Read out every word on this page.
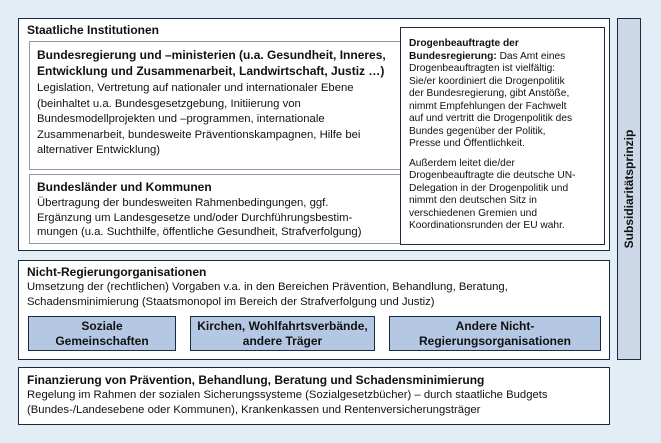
Staatliche Institutionen
Bundesregierung und –ministerien (u.a. Gesundheit, Inneres,
Entwicklung und Zusammenarbeit, Landwirtschaft, Justiz …)
Legislation, Vertretung auf nationaler und internationaler Ebene
(beinhaltet u.a. Bundesgesetzgebung, Initiierung von
Bundesmodellprojekten und –programmen, internationale
Zusammenarbeit, bundesweite Präventionskampagnen, Hilfe bei
alternativer Entwicklung)
Bundesländer und Kommunen
Übertragung der bundesweiten Rahmenbedingungen, ggf.
Ergänzung um Landesgesetze und/oder Durchführungsbestim-
mungen (u.a. Suchthilfe, öffentliche Gesundheit, Strafverfolgung)
Drogenbeauftragte der
Bundesregierung: Das Amt eines
Drogenbeauftragten ist vielfältig:
Sie/er koordiniert die Drogenpolitik
der Bundesregierung, gibt Anstöße,
nimmt Empfehlungen der Fachwelt
auf und vertritt die Drogenpolitik des
Bundes gegenüber der Politik,
Presse und Öffentlichkeit.
Außerdem leitet die/der
Drogenbeauftragte die deutsche UN-
Delegation in der Drogenpolitik und
nimmt den deutschen Sitz in
verschiedenen Gremien und
Koordinationsrunden der EU wahr.
Nicht-Regierungorganisationen
Umsetzung der (rechtlichen) Vorgaben v.a. in den Bereichen Prävention, Behandlung, Beratung,
Schadensminimierung (Staatsmonopol im Bereich der Strafverfolgung und Justiz)
Soziale
Gemeinschaften
Kirchen, Wohlfahrtsverbände,
andere Träger
Andere Nicht-
Regierungsorganisationen
Finanzierung von Prävention, Behandlung, Beratung und Schadensminimierung
Regelung im Rahmen der sozialen Sicherungssysteme (Sozialgesetzbücher) – durch staatliche Budgets
(Bundes-/Landesebene oder Kommunen), Krankenkassen und Rentenversicherungsträger
Subsidiaritätsprinzip
